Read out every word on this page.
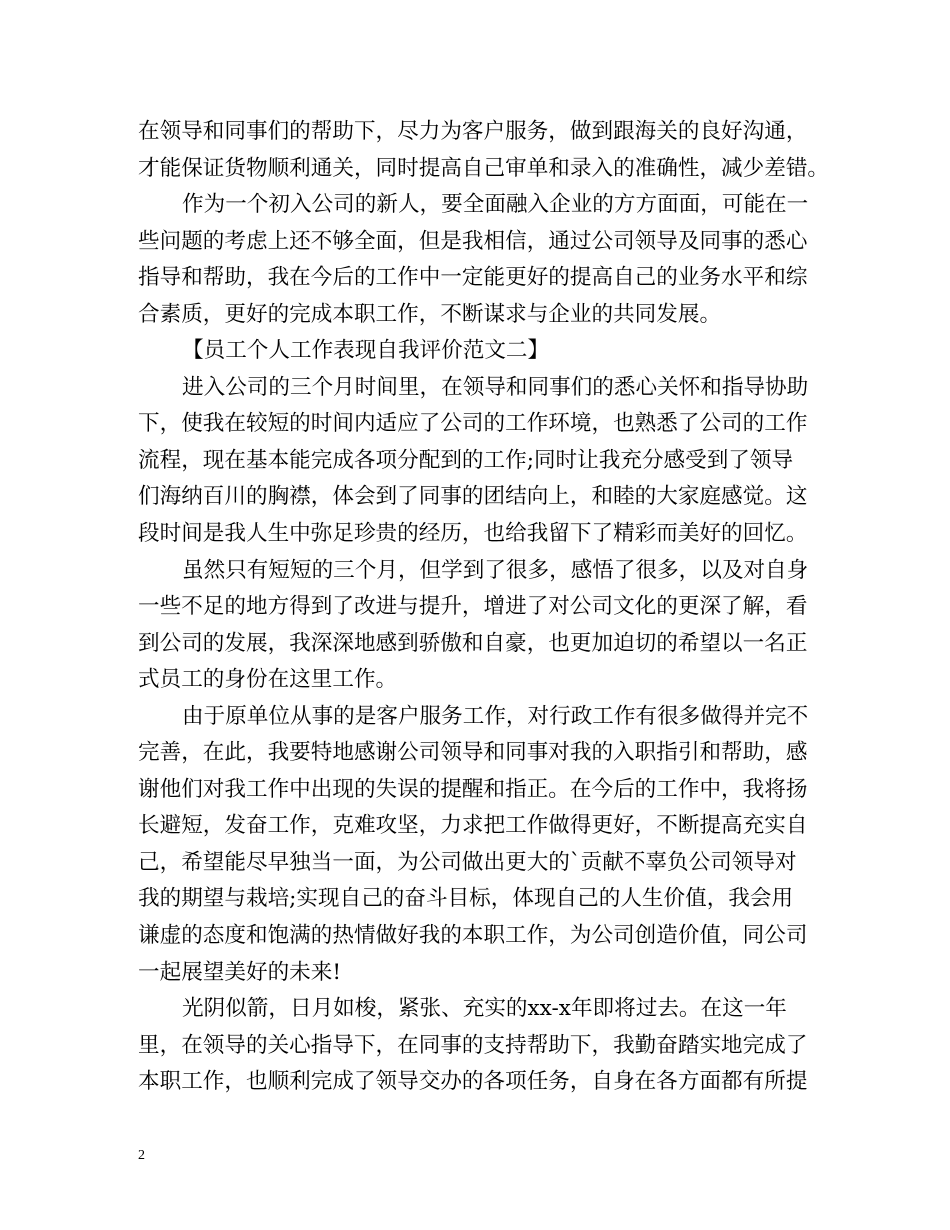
在领导和同事们的帮助下，尽力为客户服务，做到跟海关的良好沟通，
才能保证货物顺利通关，同时提高自己审单和录入的准确性，减少差错。
作为一个初入公司的新人，要全面融入企业的方方面面，可能在一
些问题的考虑上还不够全面，但是我相信，通过公司领导及同事的悉心
指导和帮助，我在今后的工作中一定能更好的提高自己的业务水平和综
合素质，更好的完成本职工作，不断谋求与企业的共同发展。
【员工个人工作表现自我评价范文二】
进入公司的三个月时间里，在领导和同事们的悉心关怀和指导协助
下，使我在较短的时间内适应了公司的工作环境，也熟悉了公司的工作
流程，现在基本能完成各项分配到的工作;同时让我充分感受到了领导
们海纳百川的胸襟，体会到了同事的团结向上，和睦的大家庭感觉。这
段时间是我人生中弥足珍贵的经历，也给我留下了精彩而美好的回忆。
虽然只有短短的三个月，但学到了很多，感悟了很多，以及对自身
一些不足的地方得到了改进与提升，增进了对公司文化的更深了解，看
到公司的发展，我深深地感到骄傲和自豪，也更加迫切的希望以一名正
式员工的身份在这里工作。
由于原单位从事的是客户服务工作，对行政工作有很多做得并完不
完善，在此，我要特地感谢公司领导和同事对我的入职指引和帮助，感
谢他们对我工作中出现的失误的提醒和指正。在今后的工作中，我将扬
长避短，发奋工作，克难攻坚，力求把工作做得更好，不断提高充实自
己，希望能尽早独当一面，为公司做出更大的`贡献不辜负公司领导对
我的期望与栽培;实现自己的奋斗目标，体现自己的人生价值，我会用
谦虚的态度和饱满的热情做好我的本职工作，为公司创造价值，同公司
一起展望美好的未来!
光阴似箭，日月如梭，紧张、充实的xx-x年即将过去。在这一年
里，在领导的关心指导下，在同事的支持帮助下，我勤奋踏实地完成了
本职工作，也顺利完成了领导交办的各项任务，自身在各方面都有所提
2
